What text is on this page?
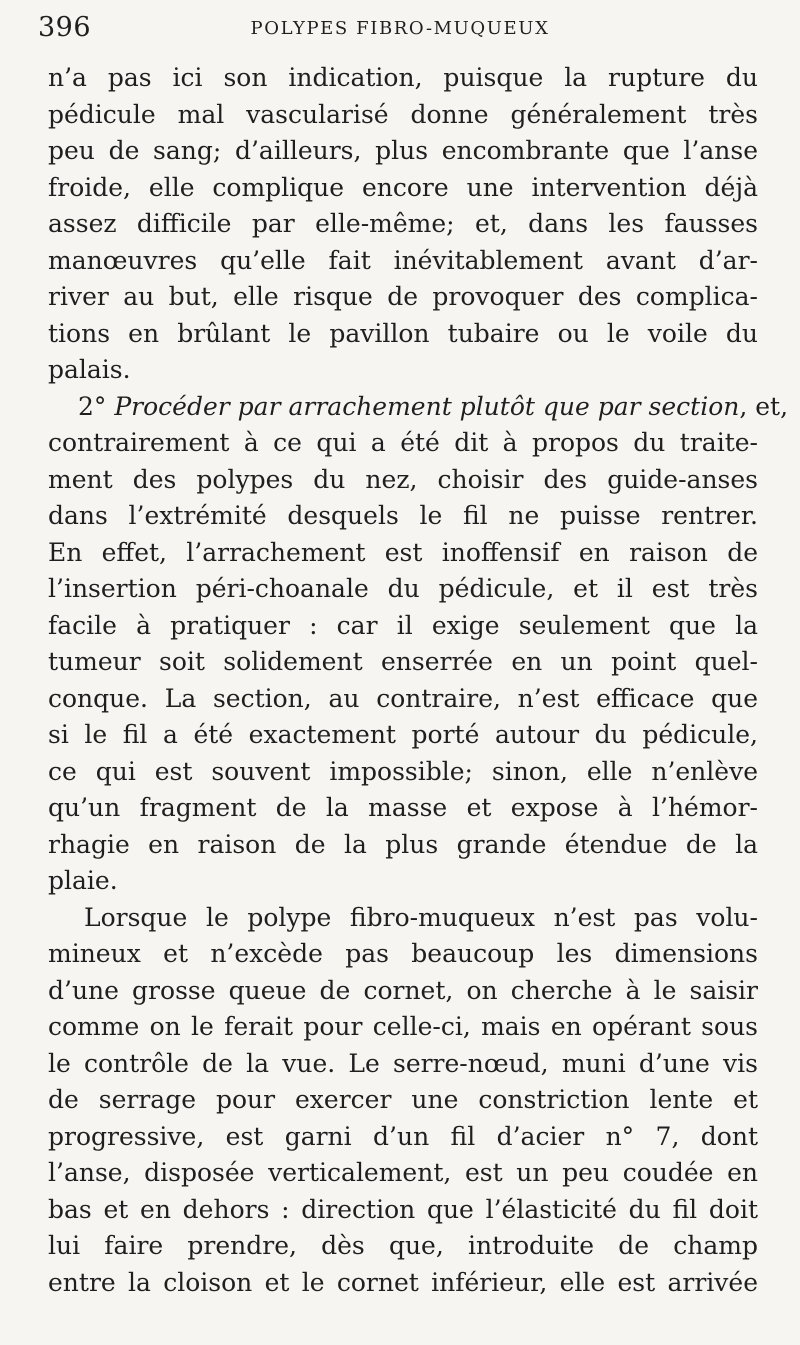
396	POLYPES FIBRO-MUQUEUX
n’a pas ici son indication, puisque la rupture du
pédicule mal vascularisé donne généralement très
peu de sang; d’ailleurs, plus encombrante que l’anse
froide, elle complique encore une intervention déjà
assez difficile par elle-même; et, dans les fausses
manœuvres qu’elle fait inévitablement avant d’ar-
river au but, elle risque de provoquer des complica-
tions en brûlant le pavillon tubaire ou le voile du
palais.
2° Procéder par arrachement plutôt que par section, et,
contrairement à ce qui a été dit à propos du traite-
ment des polypes du nez, choisir des guide-anses
dans l’extrémité desquels le fil ne puisse rentrer.
En effet, l’arrachement est inoffensif en raison de
l’insertion péri-choanale du pédicule, et il est très
facile à pratiquer : car il exige seulement que la
tumeur soit solidement enserrée en un point quel-
conque. La section, au contraire, n’est efficace que
si le fil a été exactement porté autour du pédicule,
ce qui est souvent impossible; sinon, elle n’enlève
qu’un fragment de la masse et expose à l’hémor-
rhagie en raison de la plus grande étendue de la
plaie.
Lorsque le polype fibro-muqueux n’est pas volu-
mineux et n’excède pas beaucoup les dimensions
d’une grosse queue de cornet, on cherche à le saisir
comme on le ferait pour celle-ci, mais en opérant sous
le contrôle de la vue. Le serre-nœud, muni d’une vis
de serrage pour exercer une constriction lente et
progressive, est garni d’un fil d’acier n° 7, dont
l’anse, disposée verticalement, est un peu coudée en
bas et en dehors : direction que l’élasticité du fil doit
lui faire prendre, dès que, introduite de champ
entre la cloison et le cornet inférieur, elle est arrivée
